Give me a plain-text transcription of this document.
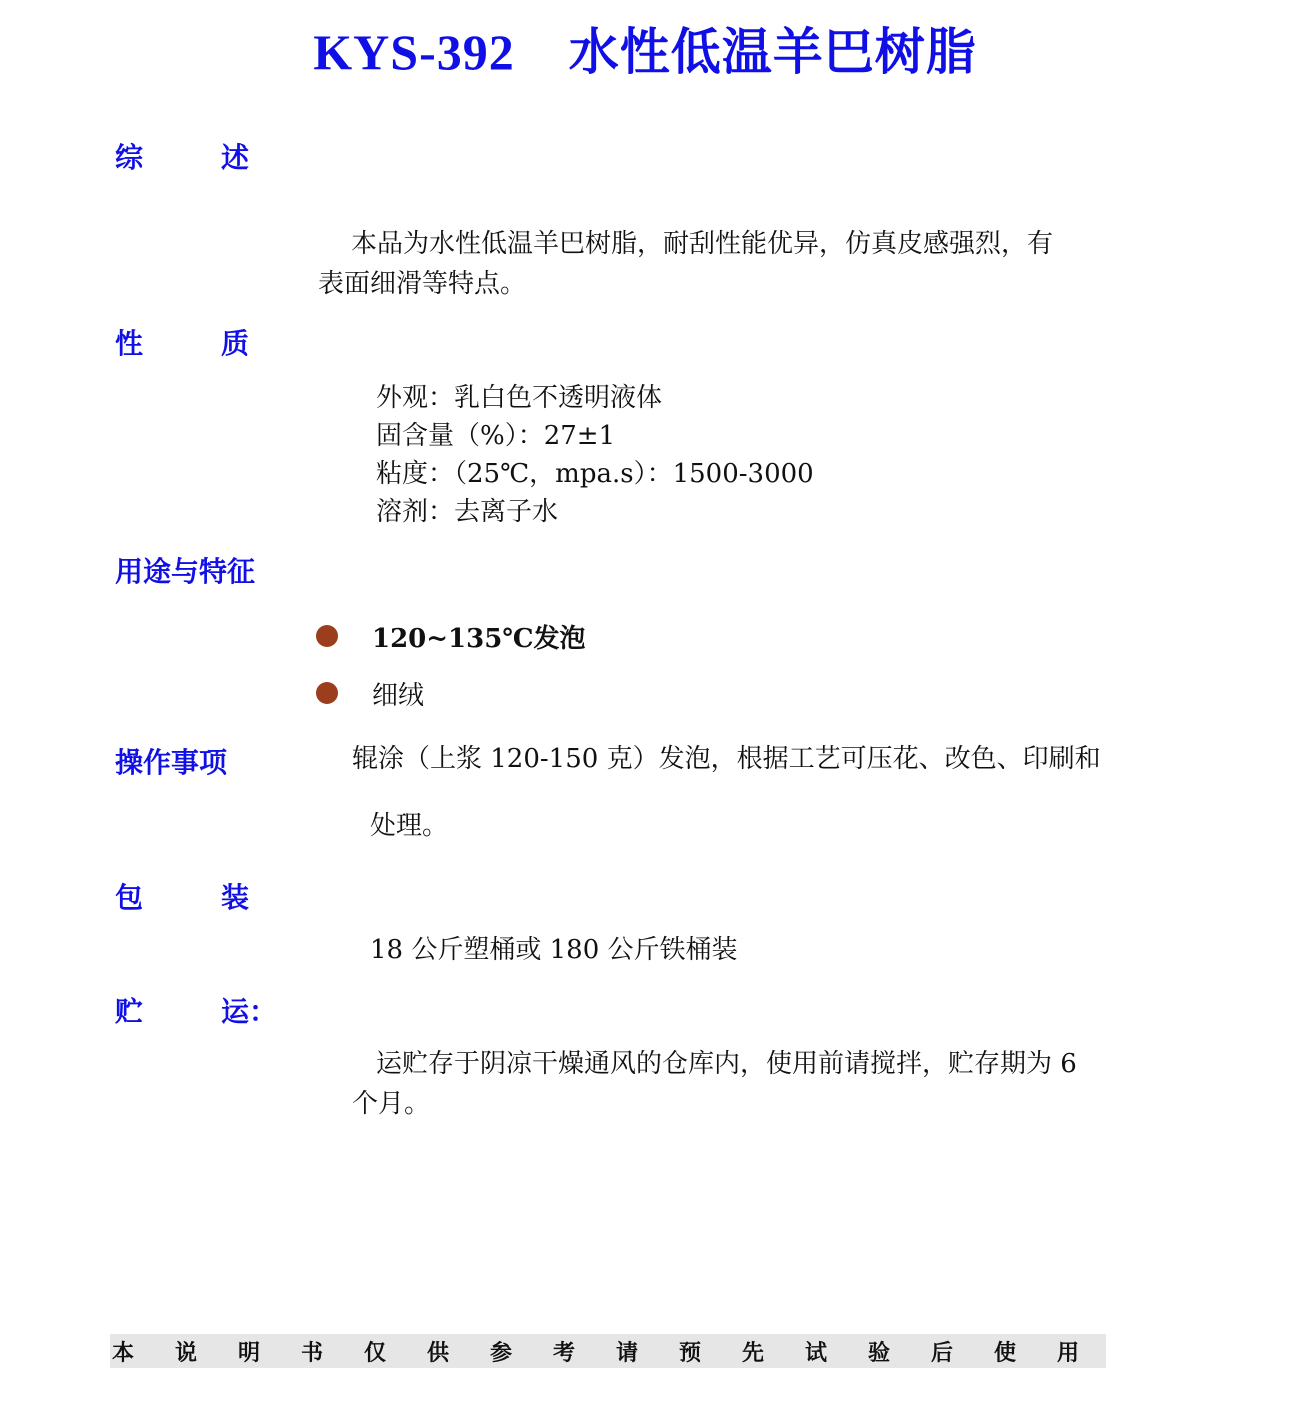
KYS-392    水性低温羊巴树脂
综        述
本品为水性低温羊巴树脂，耐刮性能优异，仿真皮感强烈，有
表面细滑等特点。
性        质
外观：乳白色不透明液体
固含量（%）：27±1
粘度：（25℃，mpa.s）：1500-3000
溶剂：去离子水
用途与特征
120~135℃发泡
细绒
操作事项	辊涂（上浆 120-150 克）发泡，根据工艺可压花、改色、印刷和
处理。
包        装
18 公斤塑桶或 180 公斤铁桶装
贮        运：
运贮存于阴凉干燥通风的仓库内，使用前请搅拌，贮存期为 6
个月。
本说明书仅供参考请预先试验后使用
